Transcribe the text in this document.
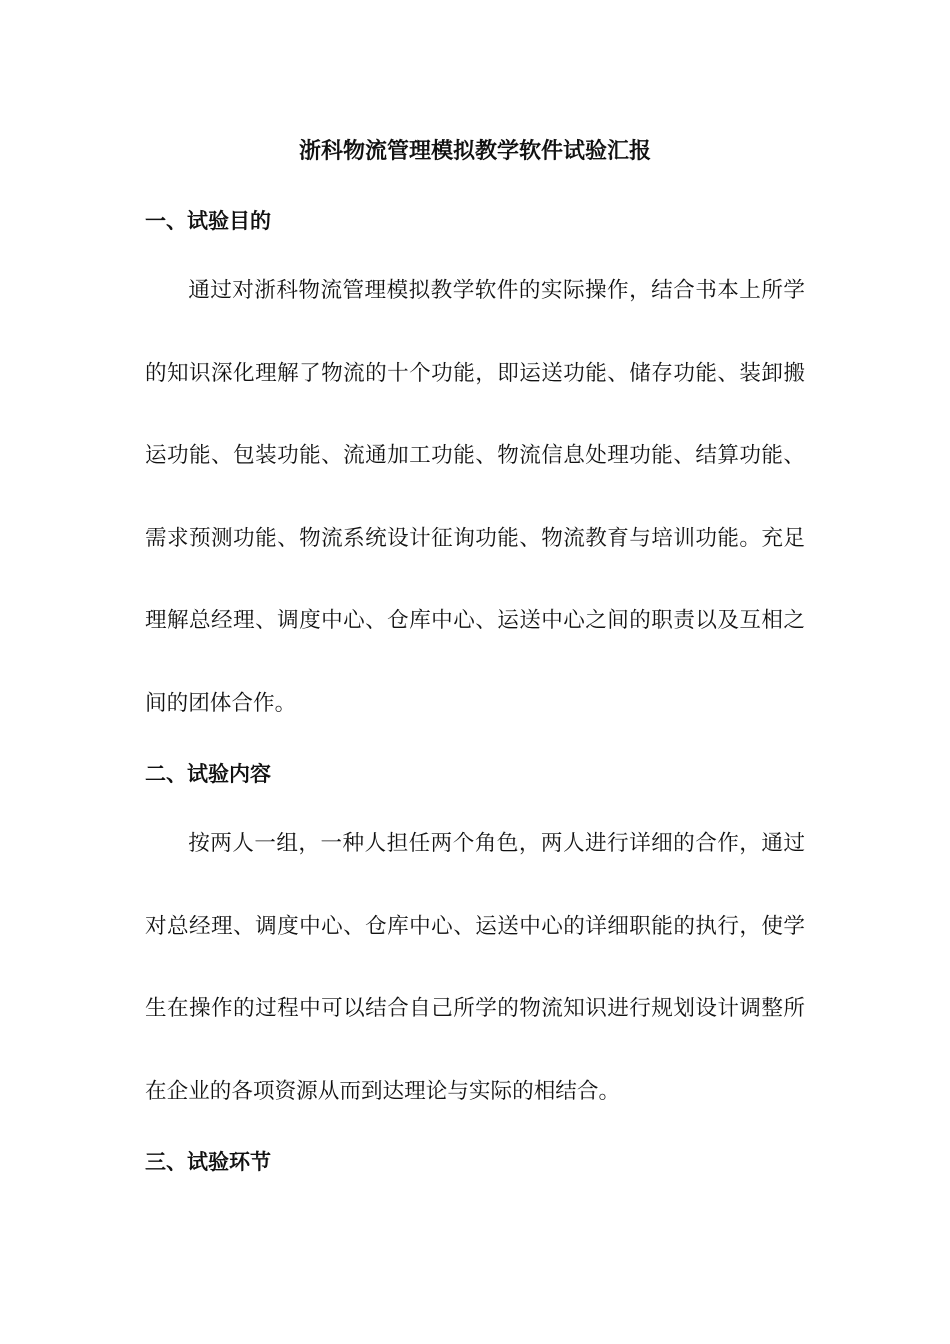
浙科物流管理模拟教学软件试验汇报
一、试验目的

通过对浙科物流管理模拟教学软件的实际操作，结合书本上所学的知识深化理解了物流的十个功能，即运送功能、储存功能、装卸搬运功能、包装功能、流通加工功能、物流信息处理功能、结算功能、需求预测功能、物流系统设计征询功能、物流教育与培训功能。充足理解总经理、调度中心、仓库中心、运送中心之间的职责以及互相之间的团体合作。

二、试验内容

按两人一组，一种人担任两个角色，两人进行详细的合作，通过对总经理、调度中心、仓库中心、运送中心的详细职能的执行，使学生在操作的过程中可以结合自己所学的物流知识进行规划设计调整所在企业的各项资源从而到达理论与实际的相结合。

三、试验环节
